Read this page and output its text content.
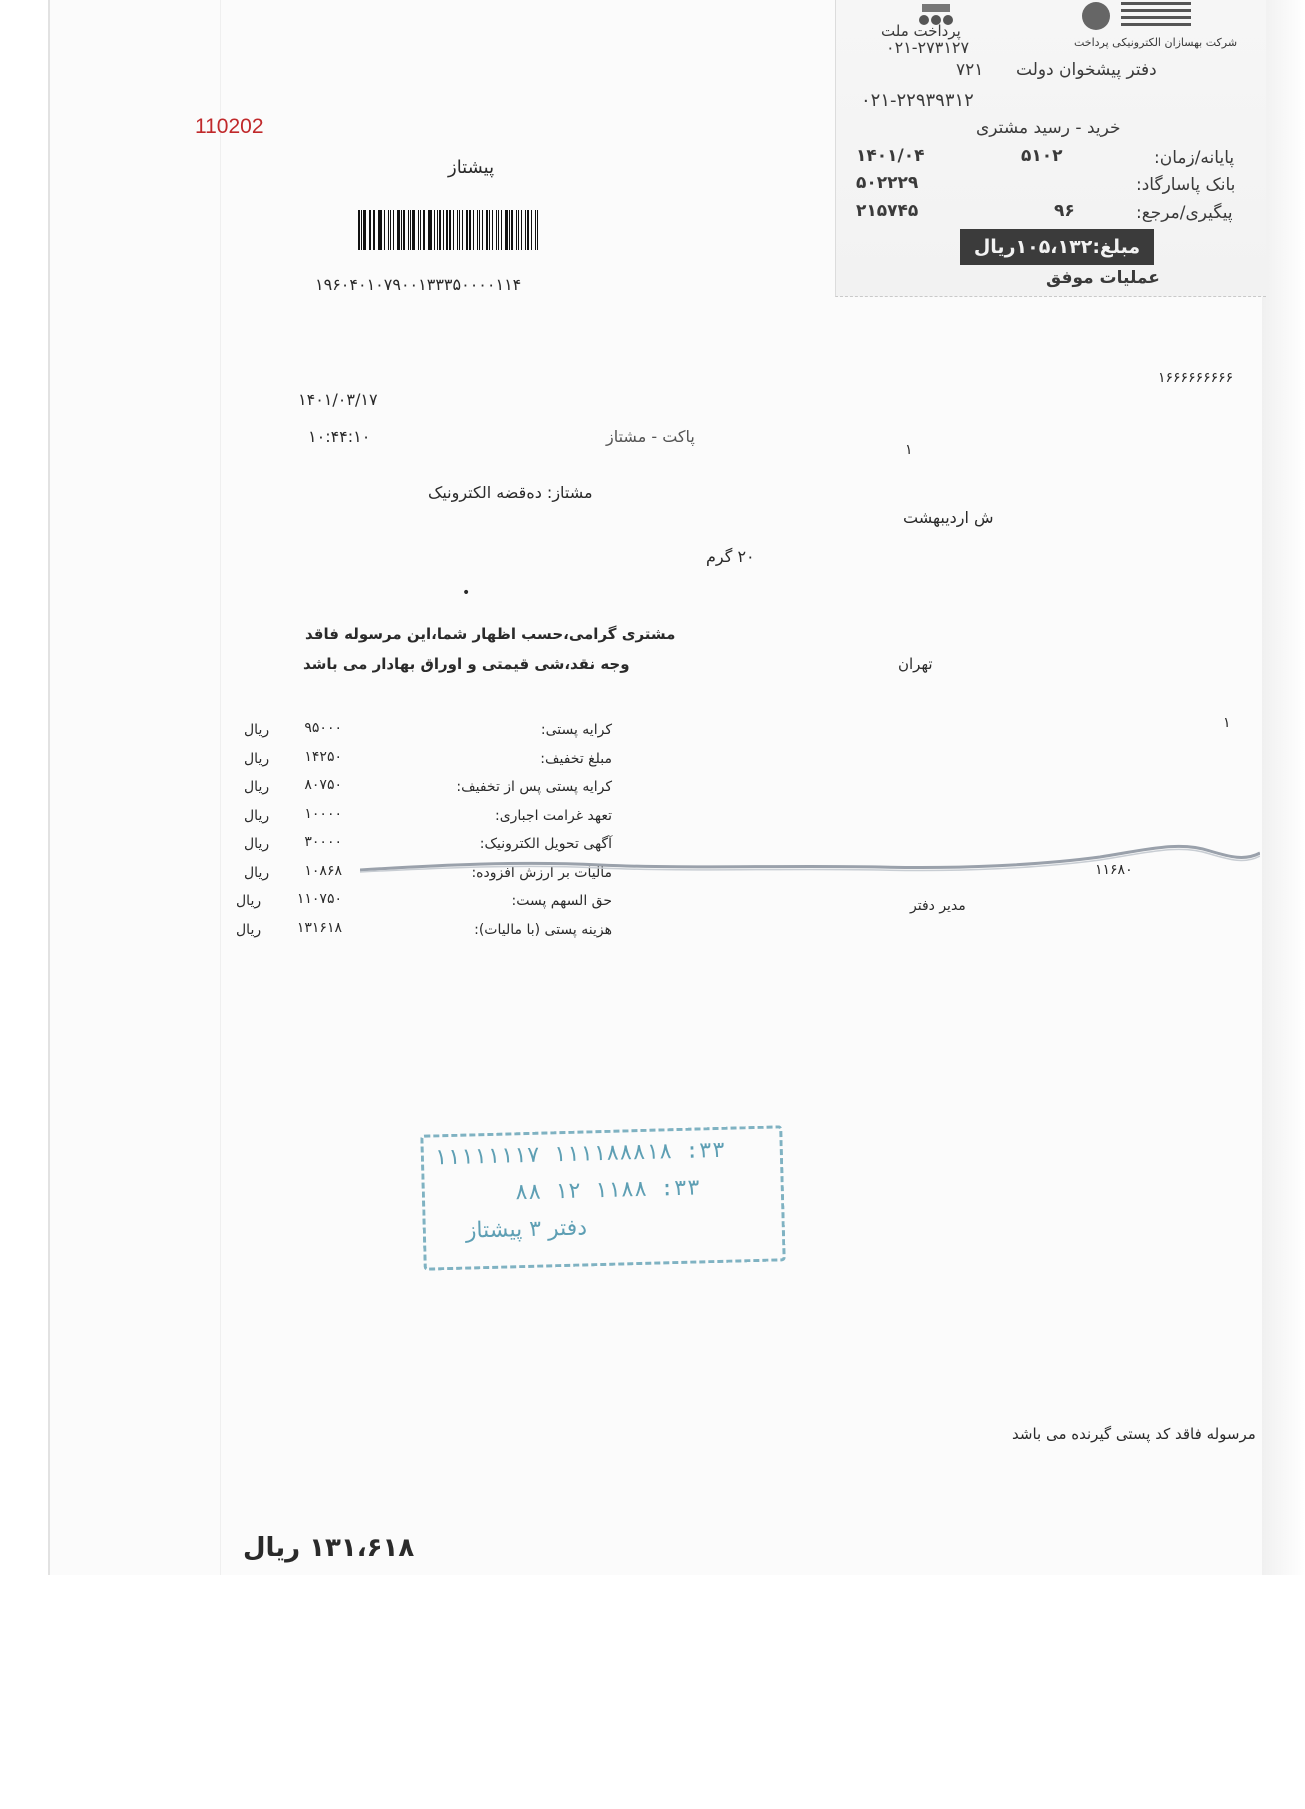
110202
پرداخت ملت
شرکت بهسازان الکترونیکی پرداخت
۰۲۱-۲۷۳۱۲۷
دفتر پیشخوان دولت
۷۲۱
۰۲۱-۲۲۹۳۹۳۱۲
خرید - رسید مشتری
پایانه/زمان:
۵۱۰۲
۱۴۰۱/۰۴
بانک پاسارگاد:
۵۰۲۲۲۹
پیگیری/مرجع:
۹۶
۲۱۵۷۴۵
عملیات موفق
مبلغ:۱۰۵،۱۳۲ریال
پیشتاز
۱۹۶۰۴۰۱۰۷۹۰۰۱۳۳۳۵۰۰۰۰۱۱۴
۱۶۶۶۶۶۶۶۶۶
۱۴۰۱/۰۳/۱۷
۱۰:۴۴:۱۰	پاکت - مشتاز
۱
مشتاز: ده‌قضه الکترونیک
ش اردیبهشت
۲۰ گرم
•
مشتری گرامی،حسب اظهار شما،این مرسوله فاقد
وجه نقد،شی قیمتی و اوراق بهادار می باشد	تهران
۱
کرایه پستی:
۹۵۰۰۰
ریال
مبلغ تخفیف:
۱۴۲۵۰
ریال
کرایه پستی پس از تخفیف:
۸۰۷۵۰
ریال
تعهد غرامت اجباری:
۱۰۰۰۰
ریال
آگهی تحویل الکترونیک:
۳۰۰۰۰
ریال
مالیات بر ارزش افزوده:
۱۰۸۶۸
ریال
حق السهم پست:
۱۱۰۷۵۰
ریال
هزینه پستی (با مالیات):
۱۳۱۶۱۸
ریال
۱۱۶۸۰
مدیر دفتر
۱۱۱۱۱۱۱۷ ۱۱۱۱۸۸۸۱۸ :۳۳
۸۸ ۱۲ ۱۱۸۸ :۳۳
دفتر ۳ پیشتاز
مرسوله فاقد کد پستی گیرنده می باشد
۱۳۱،۶۱۸ ریال
